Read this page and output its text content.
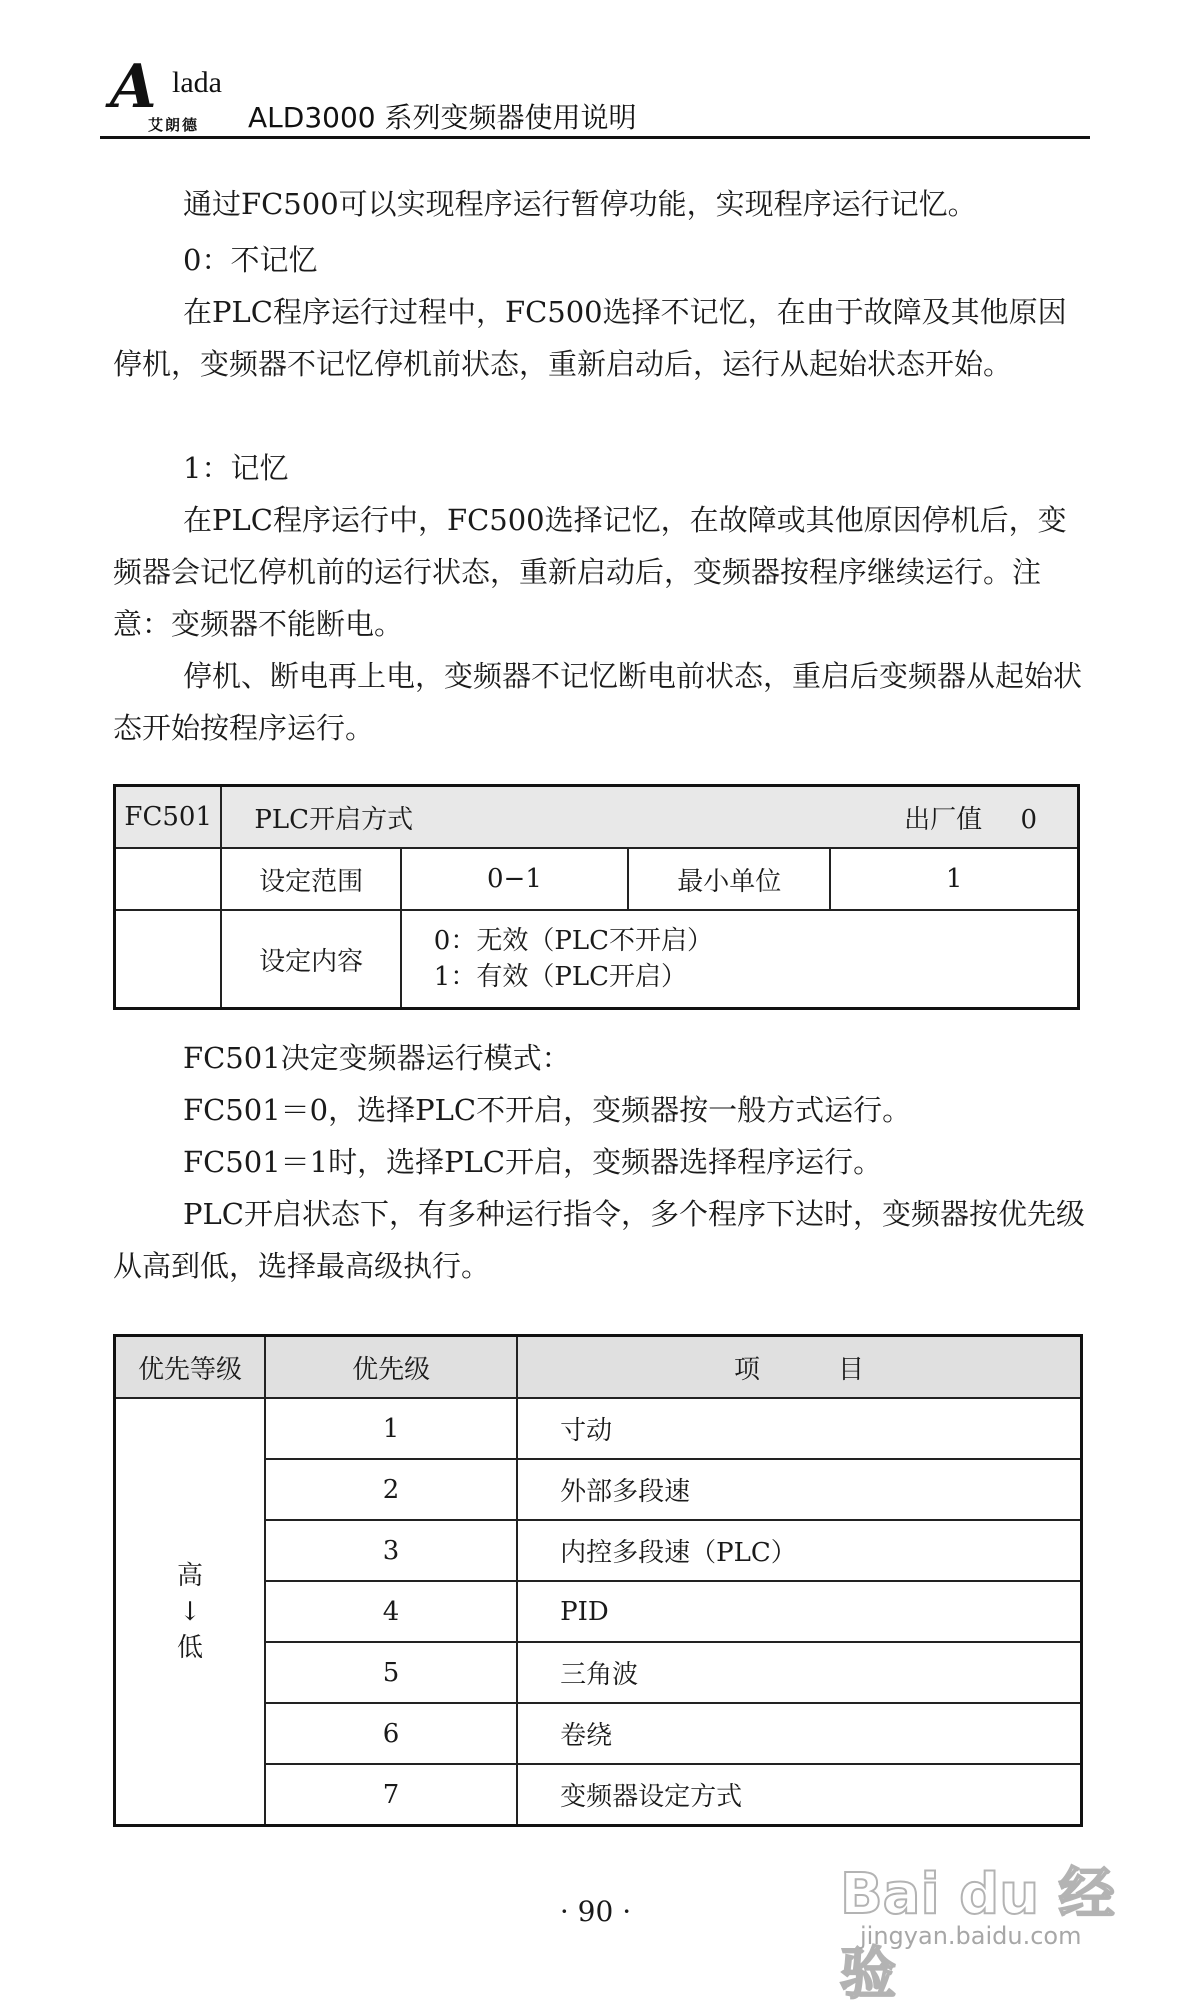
A lada
艾朗德 ALD3000 系列变频器使用说明
通过FC500可以实现程序运行暂停功能，实现程序运行记忆。
0：不记忆
在PLC程序运行过程中，FC500选择不记忆，在由于故障及其他原因停机，变频器不记忆停机前状态，重新启动后，运行从起始状态开始。
1：记忆
在PLC程序运行中，FC500选择记忆，在故障或其他原因停机后，变频器会记忆停机前的运行状态，重新启动后，变频器按程序继续运行。注意：变频器不能断电。
停机、断电再上电，变频器不记忆断电前状态，重启后变频器从起始状态开始按程序运行。
FC501	PLC开启方式 出厂值 0			

	设定范围	0−1	最小单位	1
	设定内容	0：无效（PLC不开启）
1：有效（PLC开启）		
FC501决定变频器运行模式：
FC501＝0，选择PLC不开启，变频器按一般方式运行。
FC501＝1时，选择PLC开启，变频器选择程序运行。
PLC开启状态下，有多种运行指令，多个程序下达时，变频器按优先级从高到低，选择最高级执行。
优先等级	优先级	项　　　目

高
↓
低	1	寸动
	2	外部多段速
	3	内控多段速（PLC）
	4	PID
	5	三角波
	6	卷绕
	7	变频器设定方式
· 90 ·	Bai du 经验
jingyan.baidu.com
